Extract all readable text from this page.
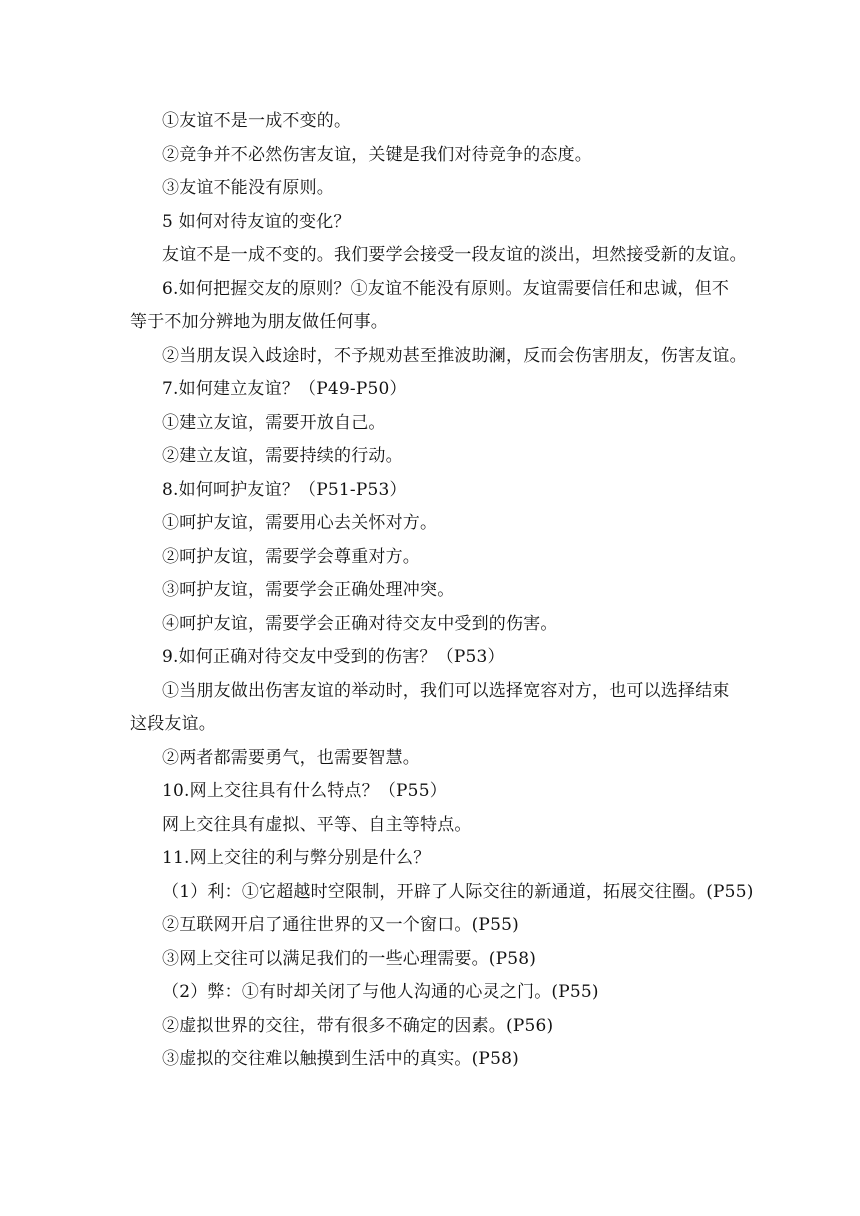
①友谊不是一成不变的。
②竞争并不必然伤害友谊，关键是我们对待竞争的态度。
③友谊不能没有原则。
5 如何对待友谊的变化？
友谊不是一成不变的。我们要学会接受一段友谊的淡出，坦然接受新的友谊。
6.如何把握交友的原则？①友谊不能没有原则。友谊需要信任和忠诚，但不
等于不加分辨地为朋友做任何事。
②当朋友误入歧途时，不予规劝甚至推波助澜，反而会伤害朋友，伤害友谊。
7.如何建立友谊？（P49-P50）
①建立友谊，需要开放自己。
②建立友谊，需要持续的行动。
8.如何呵护友谊？（P51-P53）
①呵护友谊，需要用心去关怀对方。
②呵护友谊，需要学会尊重对方。
③呵护友谊，需要学会正确处理冲突。
④呵护友谊，需要学会正确对待交友中受到的伤害。
9.如何正确对待交友中受到的伤害？（P53）
①当朋友做出伤害友谊的举动时，我们可以选择宽容对方，也可以选择结束
这段友谊。
②两者都需要勇气，也需要智慧。
10.网上交往具有什么特点？（P55）
网上交往具有虚拟、平等、自主等特点。
11.网上交往的利与弊分别是什么？
（1）利：①它超越时空限制，开辟了人际交往的新通道，拓展交往圈。(P55)
②互联网开启了通往世界的又一个窗口。(P55)
③网上交往可以满足我们的一些心理需要。(P58)
（2）弊：①有时却关闭了与他人沟通的心灵之门。(P55)
②虚拟世界的交往，带有很多不确定的因素。(P56)
③虚拟的交往难以触摸到生活中的真实。(P58)
